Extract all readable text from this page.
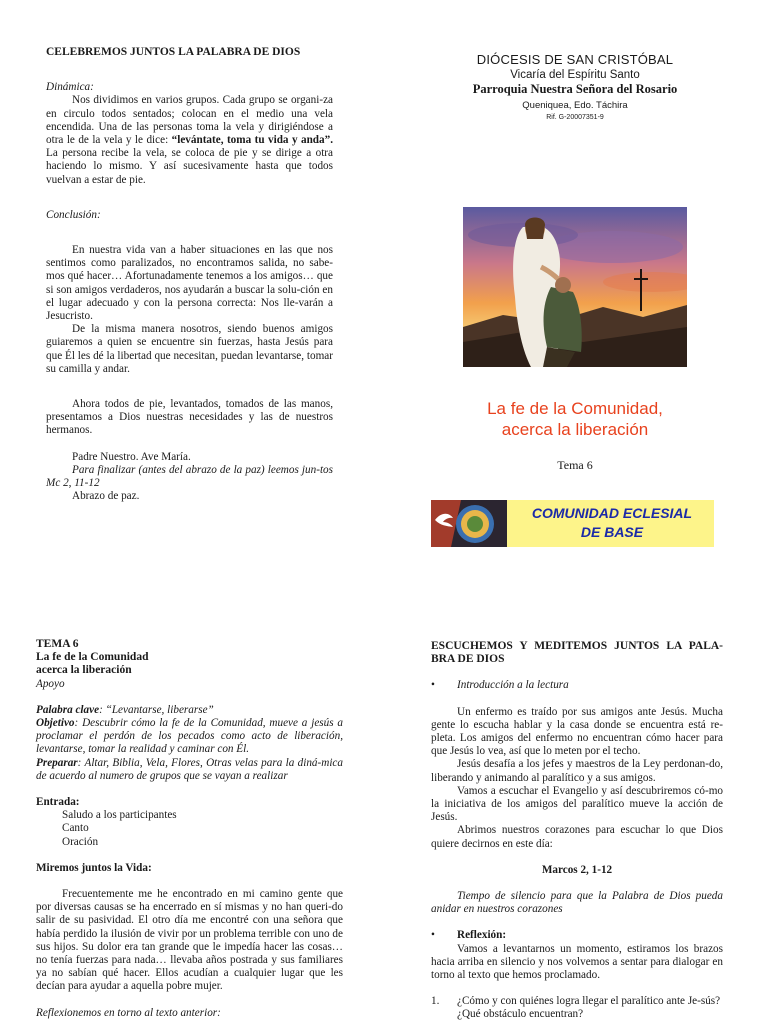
CELEBREMOS JUNTOS LA PALABRA DE DIOS
Dinámica:

Nos dividimos en varios grupos. Cada grupo se organi-za en circulo todos sentados; colocan en el medio una vela encendida. Una de las personas toma la vela y dirigiéndose a otra le de la vela y le dice: “levántate, toma tu vida y anda”. La persona recibe la vela, se coloca de pie y se dirige a otra haciendo lo mismo. Y así sucesivamente hasta que todos vuelvan a estar de pie.

Conclusión:

En nuestra vida van a haber situaciones en las que nos sentimos como paralizados, no encontramos salida, no sabe-mos qué hacer… Afortunadamente tenemos a los amigos… que si son amigos verdaderos, nos ayudarán a buscar la solu-ción en el lugar adecuado y con la persona correcta: Nos lle-varán a Jesucristo.

De la misma manera nosotros, siendo buenos amigos guiaremos a quien se encuentre sin fuerzas, hasta Jesús para que Él les dé la libertad que necesitan, puedan levantarse, tomar su camilla y andar.

Ahora todos de pie, levantados, tomados de las manos, presentamos a Dios nuestras necesidades y las de nuestros hermanos.

Padre Nuestro. Ave María.

Para finalizar (antes del abrazo de la paz) leemos jun-tos Mc 2, 11-12

Abrazo de paz.

DIÓCESIS DE SAN CRISTÓBAL
Vicaría del Espíritu Santo
Parroquia Nuestra Señora del Rosario
Queniquea, Edo. Táchira
Rif. G-20007351-9
La fe de la Comunidad,
acerca la liberación
Tema 6
COMUNIDAD ECLESIAL
DE BASE
TEMA 6
La fe de la Comunidad
acerca la liberación
Apoyo

Palabra clave: “Levantarse, liberarse”

Objetivo: Descubrir cómo la fe de la Comunidad, mueve a jesús a proclamar el perdón de los pecados como acto de liberación, levantarse, tomar la realidad y caminar con Él.

Preparar: Altar, Biblia, Vela, Flores, Otras velas para la diná-mica de acuerdo al numero de grupos que se vayan a realizar

Entrada:
Saludo a los participantes
Canto
Oración
Miremos juntos la Vida:

Frecuentemente me he encontrado en mi camino gente que por diversas causas se ha encerrado en sí mismas y no han queri-do salir de su pasividad. El otro día me encontré con una señora que había perdido la ilusión de vivir por un problema terrible con uno de sus hijos. Su dolor era tan grande que le impedía hacer las cosas… no tenía fuerzas para nada… llevaba años postrada y sus familiares ya no sabían qué hacer. Ellos acudían a cualquier lugar que les decían para ayudar a aquella pobre mujer.

Reflexionemos en torno al texto anterior:

ESCUCHEMOS Y MEDITEMOS JUNTOS LA PALA-BRA DE DIOS
• Introducción a la lectura

Un enfermo es traído por sus amigos ante Jesús. Mucha gente lo escucha hablar y la casa donde se encuentra está re-pleta. Los amigos del enfermo no encuentran cómo hacer para que Jesús lo vea, así que lo meten por el techo.

Jesús desafía a los jefes y maestros de la Ley perdonan-do, liberando y animando al paralítico y a sus amigos.

Vamos a escuchar el Evangelio y así descubriremos có-mo la iniciativa de los amigos del paralítico mueve la acción de Jesús.

Abrimos nuestros corazones para escuchar lo que Dios quiere decirnos en este día:

Marcos 2, 1-12

Tiempo de silencio para que la Palabra de Dios pueda anidar en nuestros corazones

• Reflexión:

Vamos a levantarnos un momento, estiramos los brazos hacia arriba en silencio y nos volvemos a sentar para dialogar en torno al texto que hemos proclamado.

1.	¿Cómo y con quiénes logra llegar el paralítico ante Je-sús? ¿Qué obstáculo encuentran?
